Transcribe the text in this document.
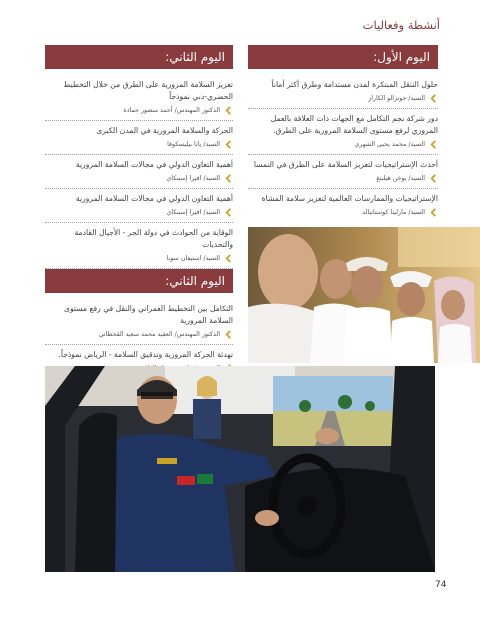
أنشطة وفعاليات
اليوم الأول:
حلول التنقل المبتكرة لمدن مستدامة وطرق أكثر أماناً
السيد/ جونزالو الكاراز
دور شركة نجم التكامل مع الجهات ذات العلاقة بالعمل المروري لرفع مستوى السلامة المرورية على الطرق.
السيد/ محمد يحيى الشهري
أحدث الإستراتيجيات لتعزيز السلامة على الطرق في النمسا
السيد/ يوخن هيلبنغ
الإستراتيجيات والممارسات العالمية لتعزيز سلامة المشاة
السيد/ مارلينا كوستانيالد
اليوم الثاني:
تعزيز السلامة المرورية على الطرق من خلال التخطيط الحضري-دبي نموذجاً
الدكتور المهندس/ أحمد منصور حمادة
الحركة والسلامة المرورية في المدن الكبرى
السيد/ يانا بيليسكوفا
أهمية التعاون الدولي في مجالات السلامة المرورية
السيد/ افيرا إسبنكاي
أهمية التعاون الدولي في مجالات السلامة المرورية
السيد/ افيرا إسبنكاي
الوقاية من الحوادث في دولة الجر - الأجيال القادمة والتحديات
السيد/ استيفان سوبا
اليوم الثاني:
التكامل بين التخطيط العمراني والنقل في رفع مستوى السلامة المرورية
الدكتور المهندس/ العقيد محمد سعيد القحطاني
تهدئة الحركة المرورية وتدقيق السلامة - الرياض نموذجاً.
74
